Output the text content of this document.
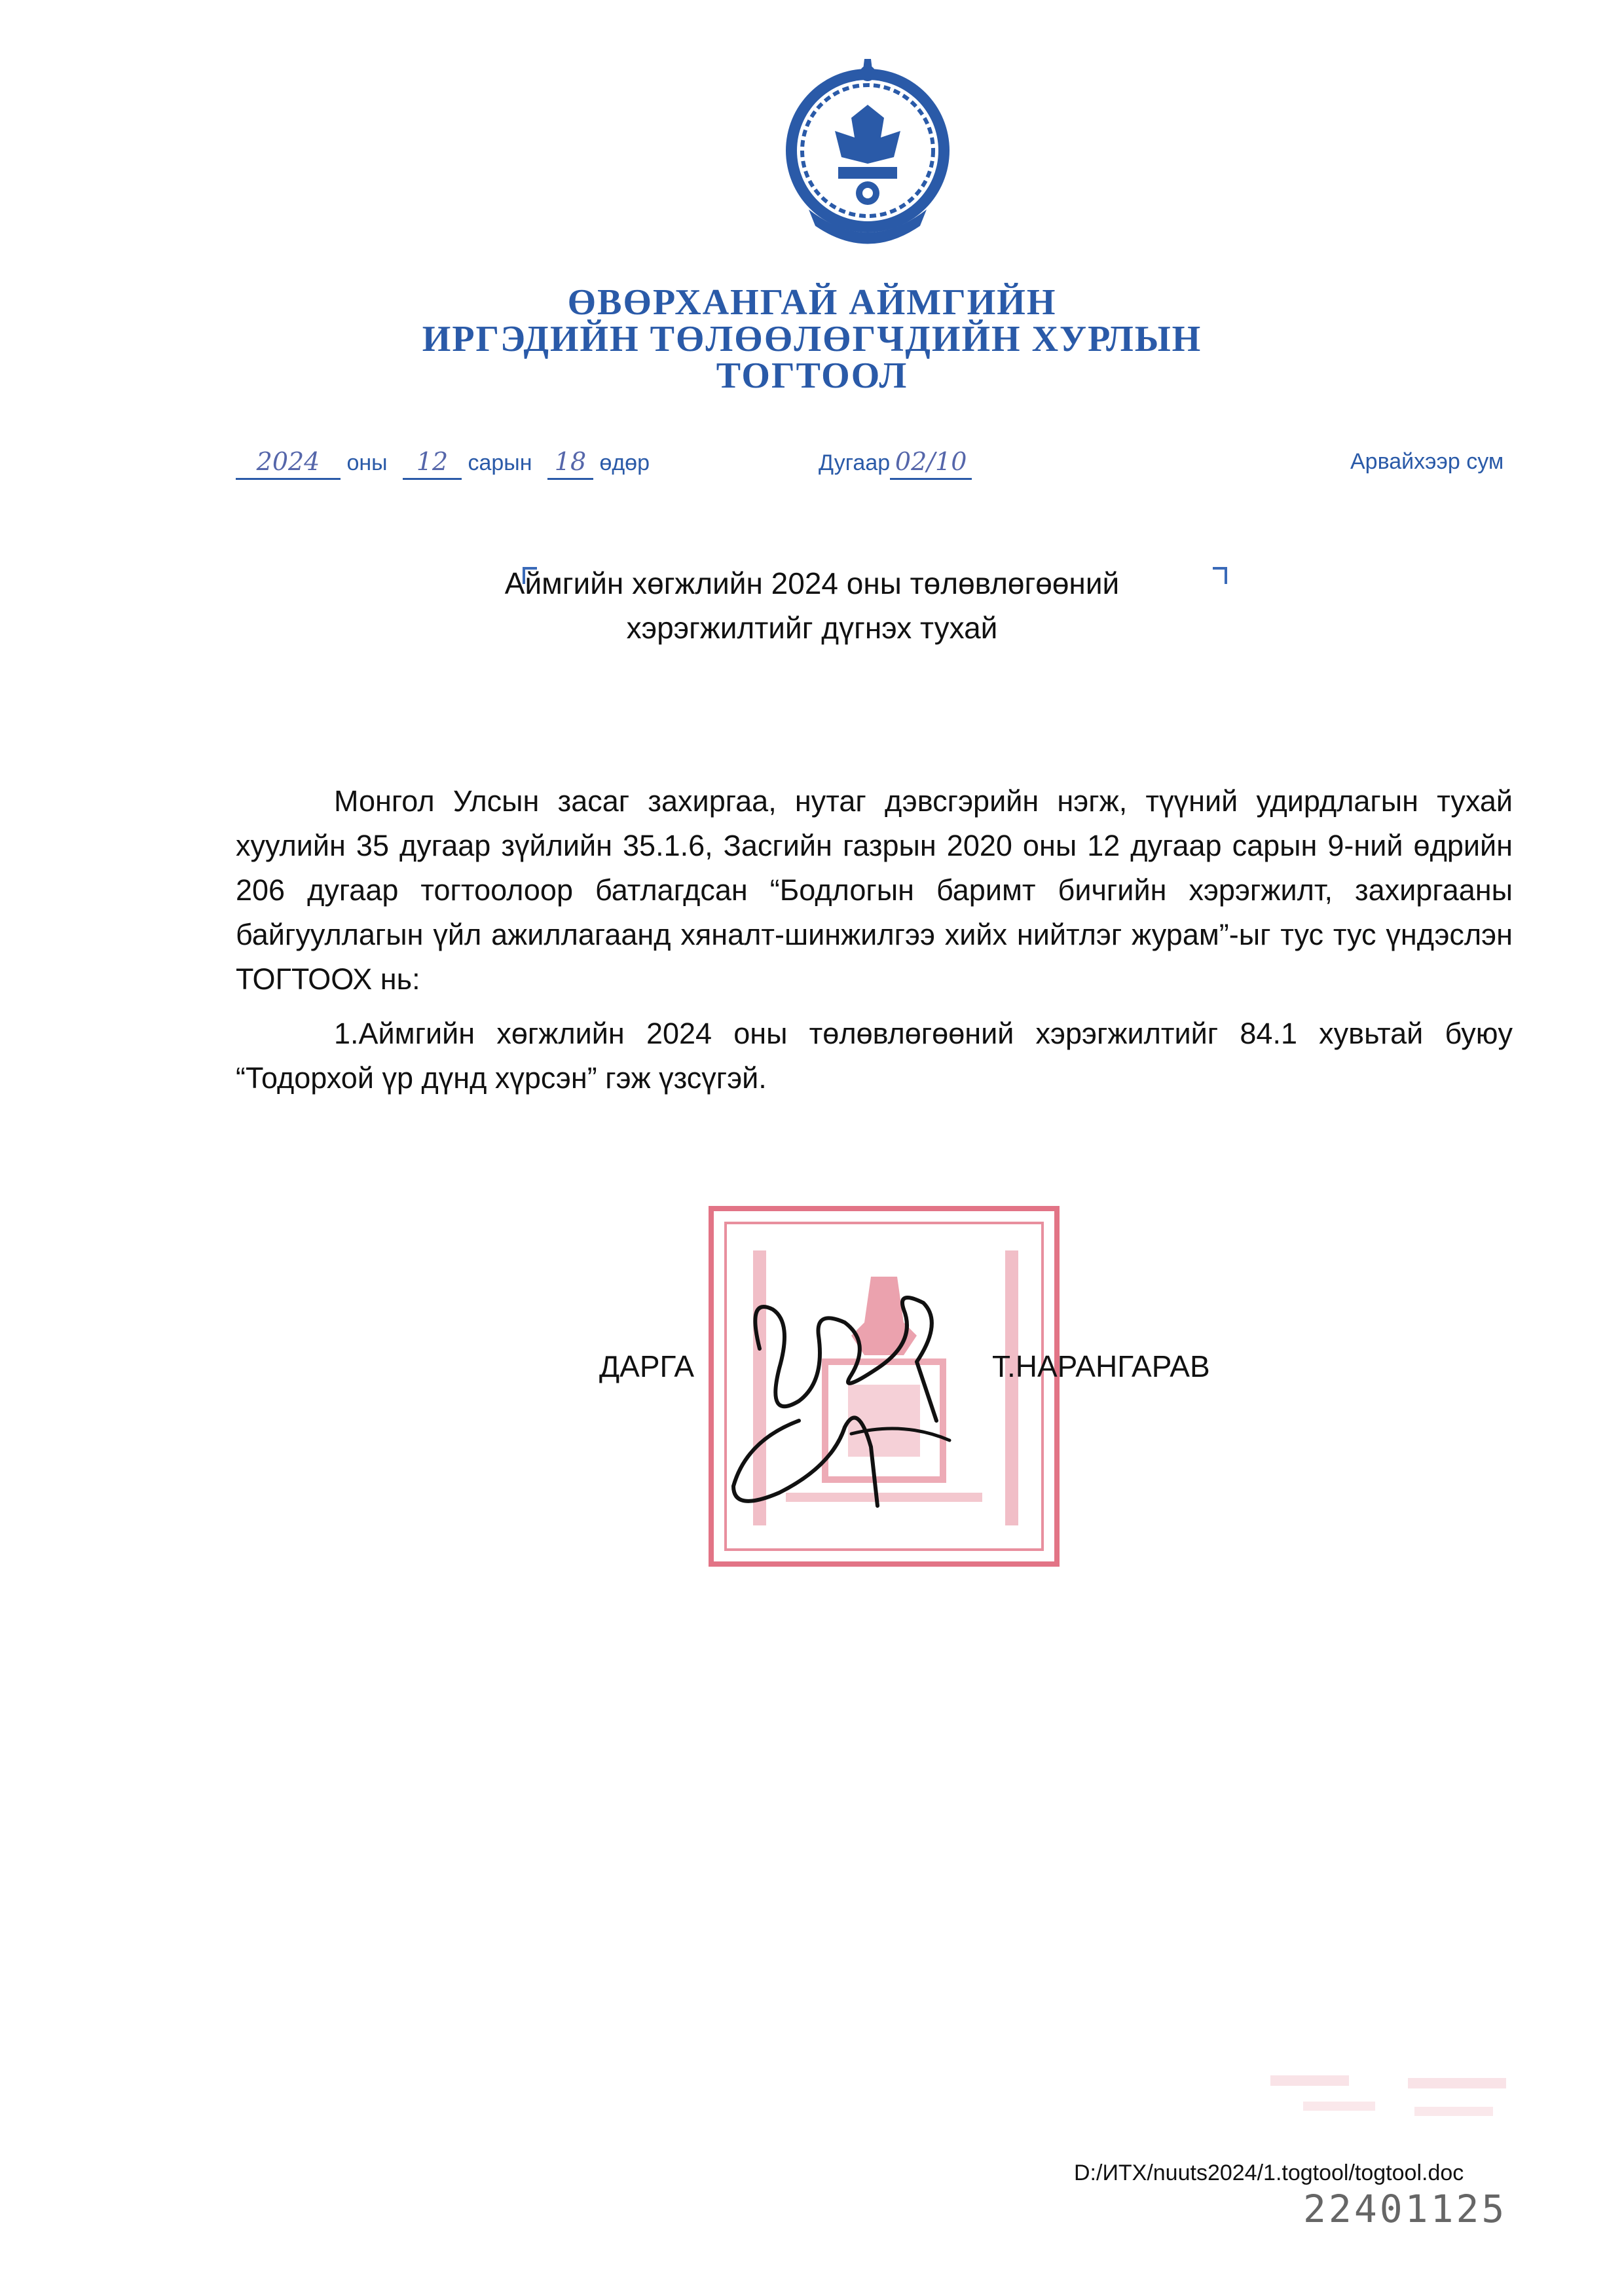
ӨВӨРХАНГАЙ АЙМГИЙН
ИРГЭДИЙН ТӨЛӨӨЛӨГЧДИЙН ХУРЛЫН
ТОГТООЛ
2024 оны 12 сарын 18 өдөр	Дугаар 02/10	Арвайхээр сум
Аймгийн хөгжлийн 2024 оны төлөвлөгөөний
хэрэгжилтийг дүгнэх тухай
Монгол Улсын засаг захиргаа, нутаг дэвсгэрийн нэгж, түүний удирдлагын тухай хуулийн 35 дугаар зүйлийн 35.1.6, Засгийн газрын 2020 оны 12 дугаар сарын 9-ний өдрийн 206 дугаар тогтоолоор батлагдсан “Бодлогын баримт бичгийн хэрэгжилт, захиргааны байгууллагын үйл ажиллагаанд хяналт-шинжилгээ хийх нийтлэг журам”-ыг тус тус үндэслэн ТОГТООХ нь:
1.Аймгийн хөгжлийн 2024 оны төлөвлөгөөний хэрэгжилтийг 84.1 хувьтай буюу “Тодорхой үр дүнд хүрсэн” гэж үзсүгэй.
ДАРГА	Т.НАРАНГАРАВ
D:/ИТХ/nuuts2024/1.togtool/togtool.doc
22401125
